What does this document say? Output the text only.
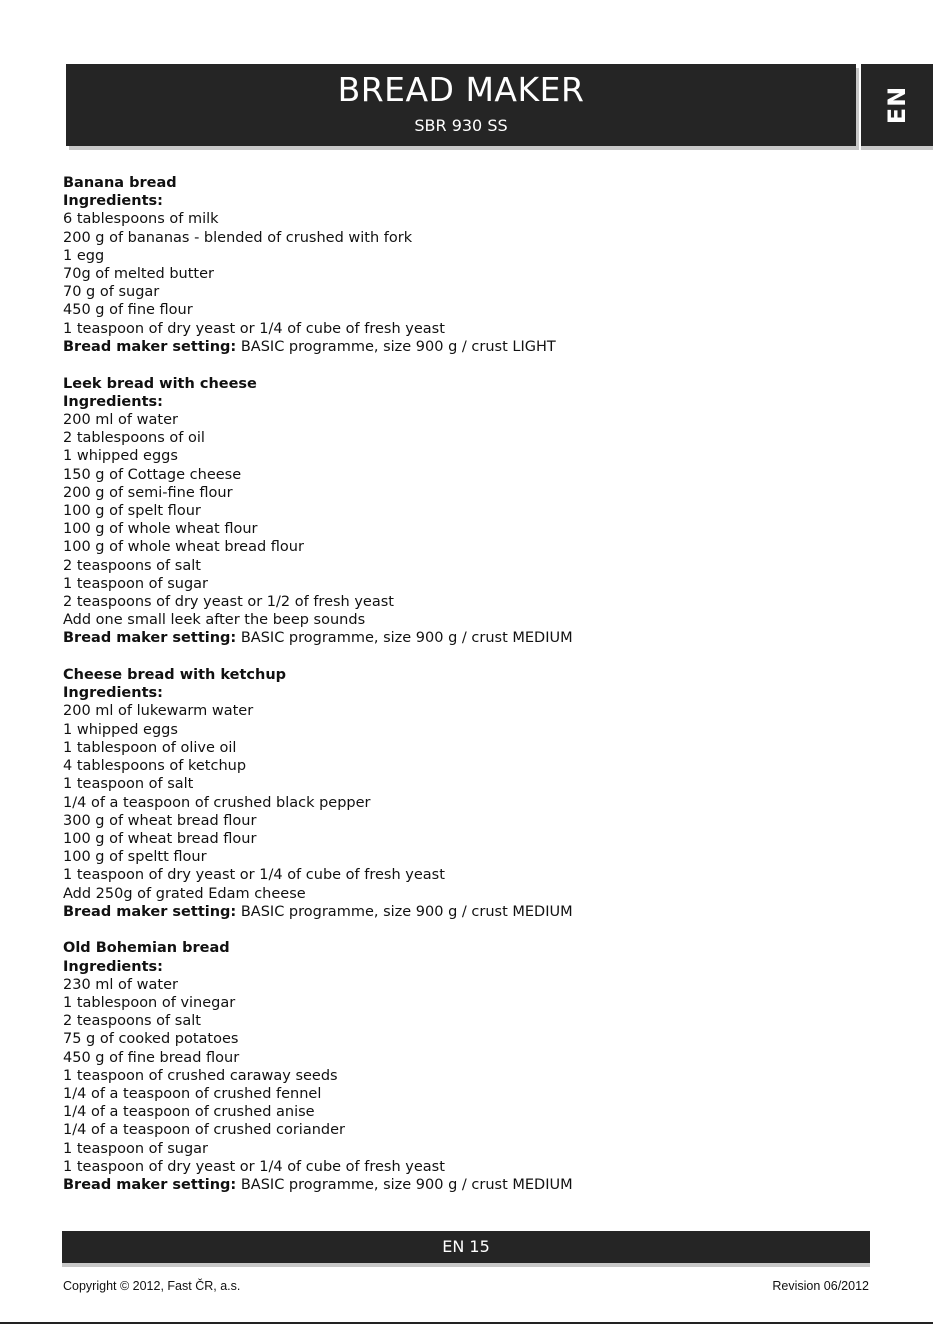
BREAD MAKER
SBR 930 SS
EN
Banana bread
Ingredients:
6 tablespoons of milk
200 g of bananas - blended of crushed with fork
1 egg
70g of melted butter
70 g of sugar
450 g of fine flour
1 teaspoon of dry yeast or 1/4 of cube of fresh yeast
Bread maker setting: BASIC programme, size 900 g / crust LIGHT
Leek bread with cheese
Ingredients:
200 ml of water
2 tablespoons of oil
1 whipped eggs
150 g of Cottage cheese
200 g of semi-fine flour
100 g of spelt flour
100 g of whole wheat flour
100 g of whole wheat bread flour
2 teaspoons of salt
1 teaspoon of sugar
2 teaspoons of dry yeast or 1/2 of fresh yeast
Add one small leek after the beep sounds
Bread maker setting: BASIC programme, size 900 g / crust MEDIUM
Cheese bread with ketchup
Ingredients:
200 ml of lukewarm water
1 whipped eggs
1 tablespoon of olive oil
4 tablespoons of ketchup
1 teaspoon of salt
1/4 of a teaspoon of crushed black pepper
300 g of wheat bread flour
100 g of wheat bread flour
100 g of speltt flour
1 teaspoon of dry yeast or 1/4 of cube of fresh yeast
Add 250g of grated Edam cheese
Bread maker setting: BASIC programme, size 900 g / crust MEDIUM
Old Bohemian bread
Ingredients:
230 ml of water
1 tablespoon of vinegar
2 teaspoons of salt
75 g of cooked potatoes
450 g of fine bread flour
1 teaspoon of crushed caraway seeds
1/4 of a teaspoon of crushed fennel
1/4 of a teaspoon of crushed anise
1/4 of a teaspoon of crushed coriander
1 teaspoon of sugar
1 teaspoon of dry yeast or 1/4 of cube of fresh yeast
Bread maker setting: BASIC programme, size 900 g / crust MEDIUM
EN 15
Copyright © 2012, Fast ČR, a.s.	Revision 06/2012
